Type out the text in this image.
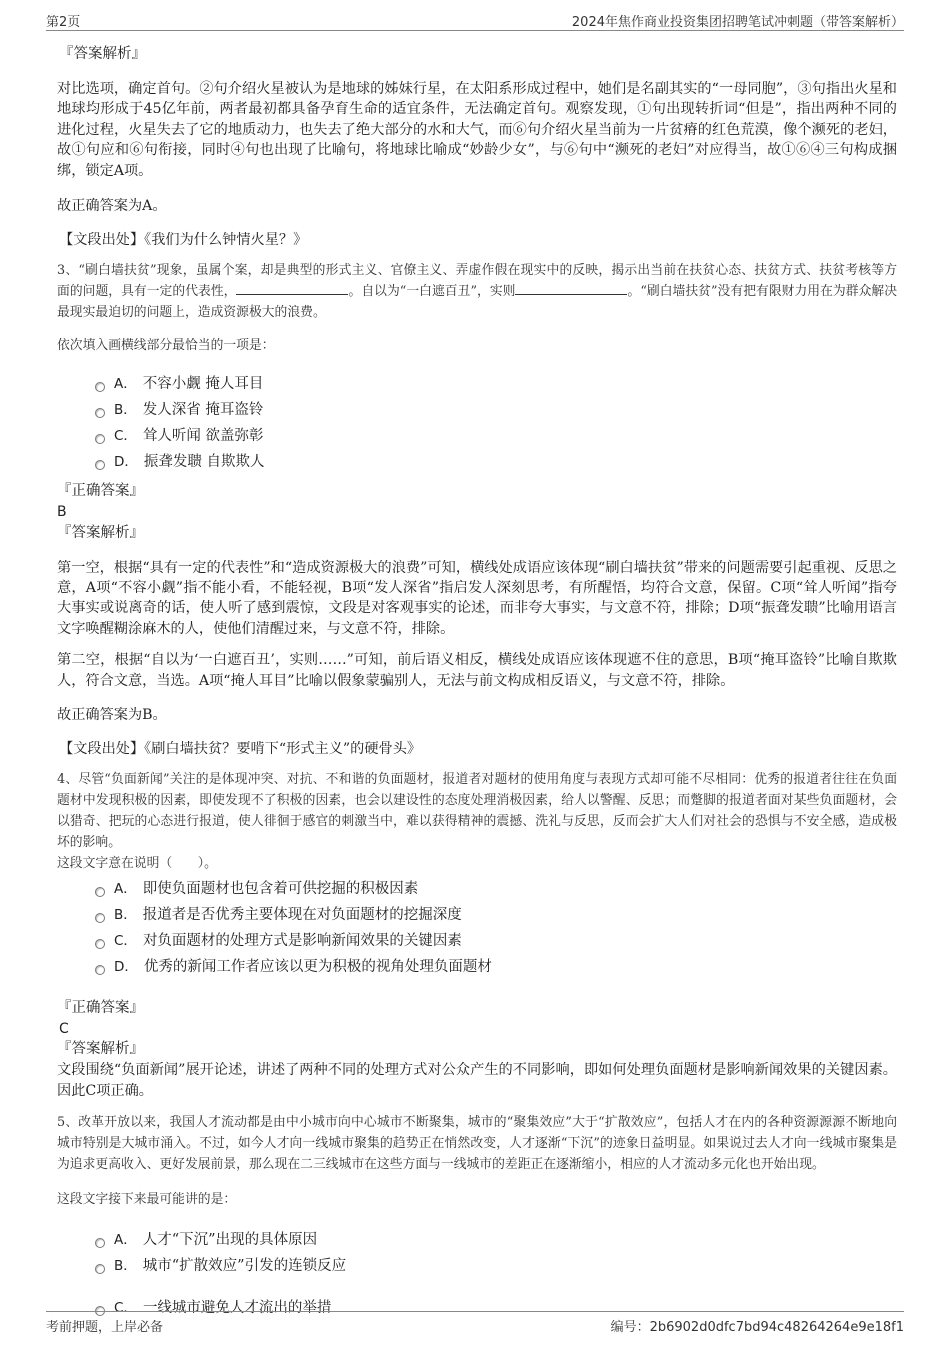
第2页	2024年焦作商业投资集团招聘笔试冲刺题（带答案解析）
『答案解析』

对比选项，确定首句。②句介绍火星被认为是地球的姊妹行星，在太阳系形成过程中，她们是名副其实的“一母同胞”，③句指出火星和地球均形成于45亿年前，两者最初都具备孕育生命的适宜条件，无法确定首句。观察发现，①句出现转折词“但是”，指出两种不同的进化过程，火星失去了它的地质动力，也失去了绝大部分的水和大气，而⑥句介绍火星当前为一片贫瘠的红色荒漠，像个濒死的老妇，故①句应和⑥句衔接，同时④句也出现了比喻句，将地球比喻成“妙龄少女”，与⑥句中“濒死的老妇”对应得当，故①⑥④三句构成捆绑，锁定A项。

故正确答案为A。

【文段出处】《我们为什么钟情火星？》

3、“刷白墙扶贫”现象，虽属个案，却是典型的形式主义、官僚主义、弄虚作假在现实中的反映，揭示出当前在扶贫心态、扶贫方式、扶贫考核等方面的问题，具有一定的代表性，	。自以为“一白遮百丑”，实则	。“刷白墙扶贫”没有把有限财力用在为群众解决最现实最迫切的问题上，造成资源极大的浪费。

依次填入画横线部分最恰当的一项是：

A． 不容小觑 掩人耳目
B． 发人深省 掩耳盗铃
C． 耸人听闻 欲盖弥彰
D． 振聋发聩 自欺欺人
『正确答案』
B
『答案解析』

第一空，根据“具有一定的代表性”和“造成资源极大的浪费”可知，横线处成语应该体现“刷白墙扶贫”带来的问题需要引起重视、反思之意，A项“不容小觑”指不能小看，不能轻视，B项“发人深省”指启发人深刻思考，有所醒悟，均符合文意，保留。C项“耸人听闻”指夸大事实或说离奇的话，使人听了感到震惊，文段是对客观事实的论述，而非夸大事实，与文意不符，排除；D项“振聋发聩”比喻用语言文字唤醒糊涂麻木的人，使他们清醒过来，与文意不符，排除。

第二空，根据“自以为‘一白遮百丑’，实则……”可知，前后语义相反，横线处成语应该体现遮不住的意思，B项“掩耳盗铃”比喻自欺欺人，符合文意，当选。A项“掩人耳目”比喻以假象蒙骗别人，无法与前文构成相反语义，与文意不符，排除。

故正确答案为B。

【文段出处】《刷白墙扶贫？要啃下“形式主义”的硬骨头》

4、尽管“负面新闻”关注的是体现冲突、对抗、不和谐的负面题材，报道者对题材的使用角度与表现方式却可能不尽相同：优秀的报道者往往在负面题材中发现积极的因素，即使发现不了积极的因素，也会以建设性的态度处理消极因素，给人以警醒、反思；而蹩脚的报道者面对某些负面题材，会以猎奇、把玩的心态进行报道，使人徘徊于感官的刺激当中，难以获得精神的震撼、洗礼与反思，反而会扩大人们对社会的恐惧与不安全感，造成极坏的影响。

这段文字意在说明（　　）。

A． 即使负面题材也包含着可供挖掘的积极因素
B． 报道者是否优秀主要体现在对负面题材的挖掘深度
C． 对负面题材的处理方式是影响新闻效果的关键因素
D． 优秀的新闻工作者应该以更为积极的视角处理负面题材
『正确答案』
C
『答案解析』

文段围绕“负面新闻”展开论述，讲述了两种不同的处理方式对公众产生的不同影响，即如何处理负面题材是影响新闻效果的关键因素。因此C项正确。

5、改革开放以来，我国人才流动都是由中小城市向中心城市不断聚集，城市的“聚集效应”大于“扩散效应”，包括人才在内的各种资源源源不断地向城市特别是大城市涌入。不过，如今人才向一线城市聚集的趋势正在悄然改变，人才逐渐“下沉”的迹象日益明显。如果说过去人才向一线城市聚集是为追求更高收入、更好发展前景，那么现在二三线城市在这些方面与一线城市的差距正在逐渐缩小，相应的人才流动多元化也开始出现。

这段文字接下来最可能讲的是：

A． 人才“下沉”出现的具体原因
B． 城市“扩散效应”引发的连锁反应
C． 一线城市避免人才流出的举措
考前押题，上岸必备	编号：2b6902d0dfc7bd94c48264264e9e18f1
